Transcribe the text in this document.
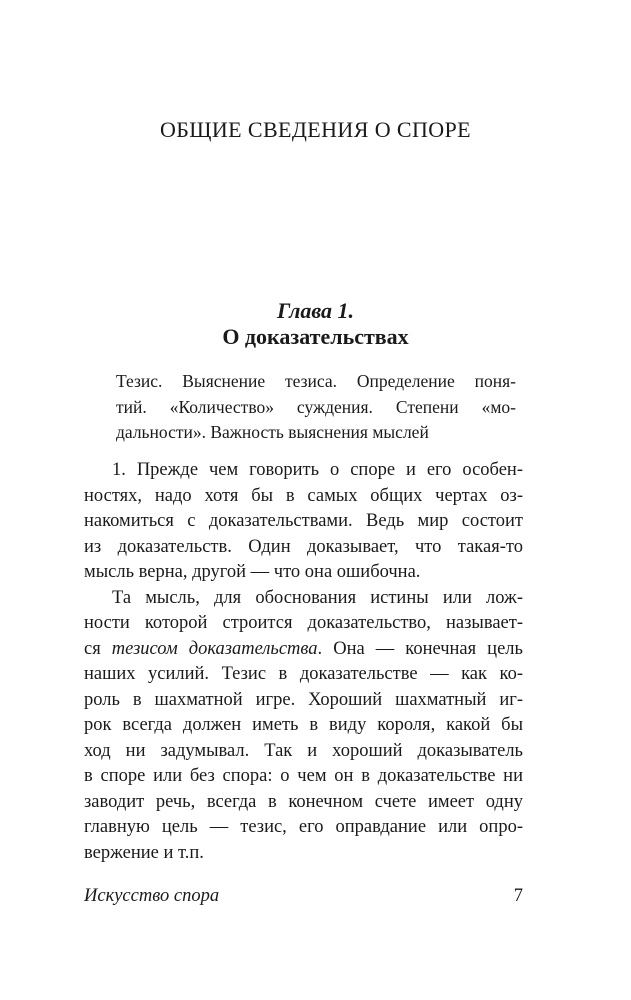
ОБЩИЕ СВЕДЕНИЯ О СПОРЕ
Глава 1.
О доказательствах
Тезис. Выяснение тезиса. Определение поня-
тий. «Количество» суждения. Степени «мо-
дальности». Важность выяснения мыслей
1. Прежде чем говорить о споре и его особен-
ностях, надо хотя бы в самых общих чертах оз-
накомиться с доказательствами. Ведь мир состоит
из доказательств. Один доказывает, что такая-то
мысль верна, другой — что она ошибочна.
Та мысль, для обоснования истины или лож-
ности которой строится доказательство, называет-
ся тезисом доказательства. Она — конечная цель
наших усилий. Тезис в доказательстве — как ко-
роль в шахматной игре. Хороший шахматный иг-
рок всегда должен иметь в виду короля, какой бы
ход ни задумывал. Так и хороший доказыватель
в споре или без спора: о чем он в доказательстве ни
заводит речь, всегда в конечном счете имеет одну
главную цель — тезис, его оправдание или опро-
вержение и т.п.
Искусство спора	7
